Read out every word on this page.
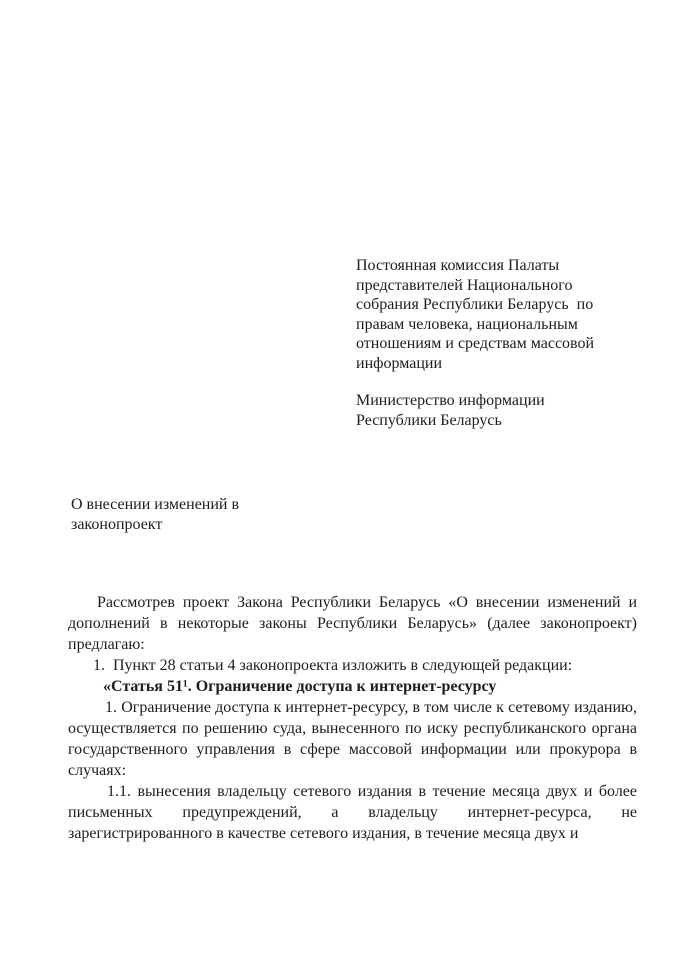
Постоянная комиссия Палаты
представителей Национального
собрания Республики Беларусь  по
правам человека, национальным
отношениям и средствам массовой
информации
Министерство информации
Республики Беларусь
О внесении изменений в
законопроект

Рассмотрев проект Закона Республики Беларусь «О внесении изменений и дополнений в некоторые законы Республики Беларусь» (далее законопроект) предлагаю:

1. Пункт 28 статьи 4 законопроекта изложить в следующей редакции:

«Статья 51¹. Ограничение доступа к интернет-ресурсу

1. Ограничение доступа к интернет-ресурсу, в том числе к сетевому изданию, осуществляется по решению суда, вынесенного по иску республиканского органа государственного управления в сфере массовой информации или прокурора в случаях:

1.1. вынесения владельцу сетевого издания в течение месяца двух и более письменных предупреждений, а владельцу интернет-ресурса, не зарегистрированного в качестве сетевого издания, в течение месяца двух и
